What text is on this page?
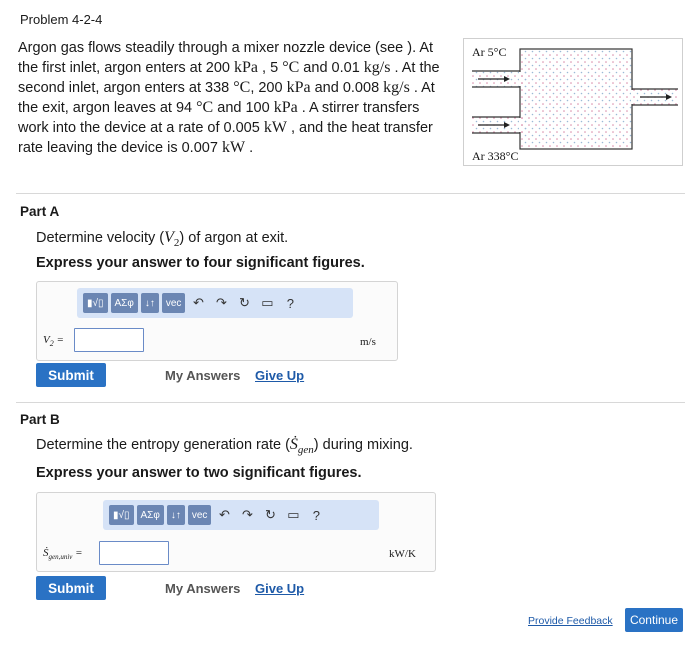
Problem 4-2-4
Argon gas flows steadily through a mixer nozzle device (see ). At the first inlet, argon enters at 200 kPa , 5 °C and 0.01 kg/s . At the second inlet, argon enters at 338 °C, 200 kPa and 0.008 kg/s . At the exit, argon leaves at 94 °C and 100 kPa . A stirrer transfers work into the device at a rate of 0.005 kW , and the heat transfer rate leaving the device is 0.007 kW .
Ar 5°C
Ar 338°C
Part A
Determine velocity $(V_2)$ of argon at exit.
Express your answer to four significant figures.
▮√▯	ΑΣφ	↓↑	vec ↶ ↷ ↻ ▭	?
$V_2$ =	m/s
Submit	My Answers Give Up
Part B
Determine the entropy generation rate (Ṡ$_{gen}$) during mixing.
Express your answer to two significant figures.
▮√▯	ΑΣφ	↓↑	vec ↶ ↷ ↻ ▭	?
Ṡ$_{gen,univ}$ =	kW/K
Submit	My Answers Give Up
Provide Feedback	Continue
